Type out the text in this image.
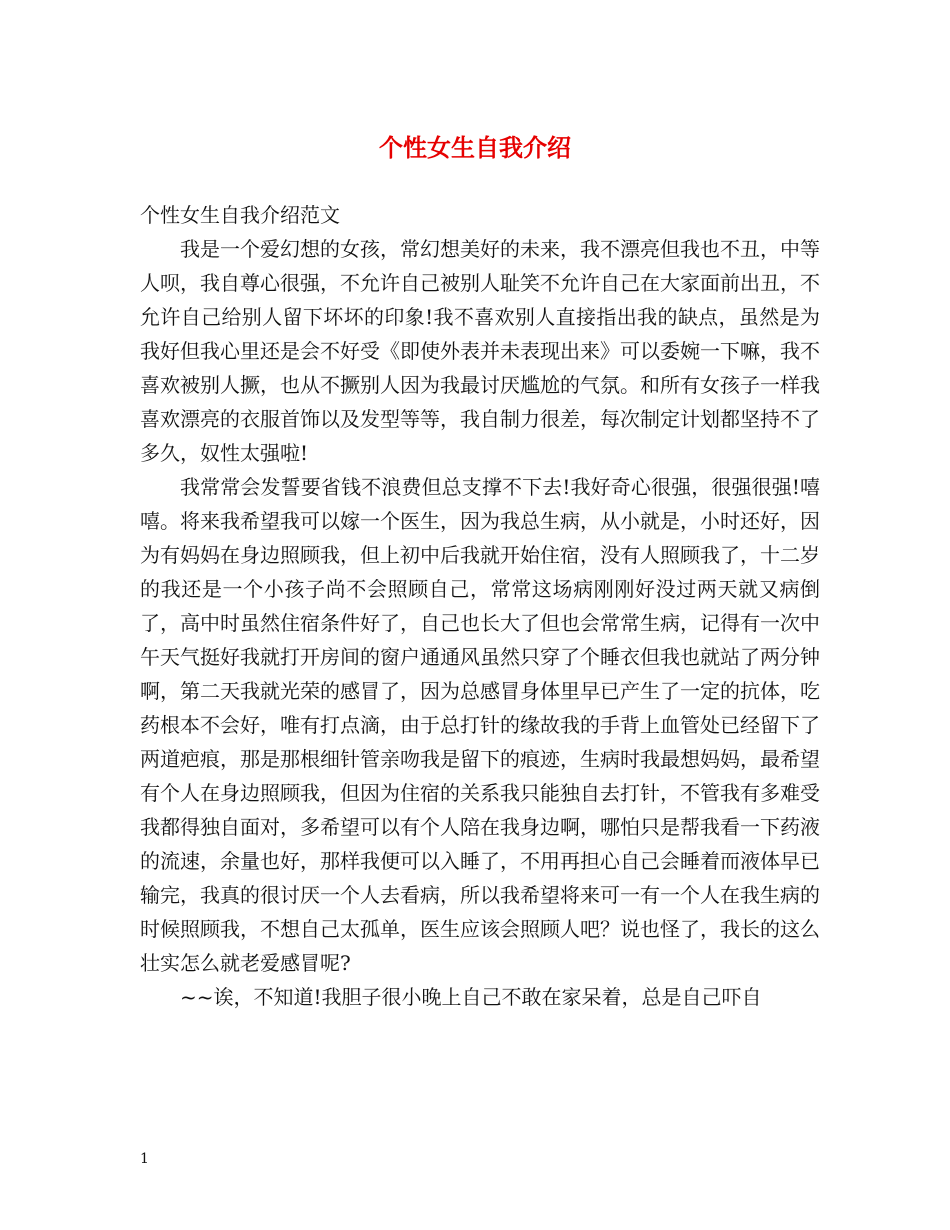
个性女生自我介绍

个性女生自我介绍范文

我是一个爱幻想的女孩，常幻想美好的未来，我不漂亮但我也不丑，中等人呗，我自尊心很强，不允许自己被别人耻笑不允许自己在大家面前出丑，不允许自己给别人留下坏坏的印象!我不喜欢别人直接指出我的缺点，虽然是为我好但我心里还是会不好受《即使外表并未表现出来》可以委婉一下嘛，我不喜欢被别人撅，也从不撅别人因为我最讨厌尴尬的气氛。和所有女孩子一样我喜欢漂亮的衣服首饰以及发型等等，我自制力很差，每次制定计划都坚持不了多久，奴性太强啦!

我常常会发誓要省钱不浪费但总支撑不下去!我好奇心很强，很强很强!嘻嘻。将来我希望我可以嫁一个医生，因为我总生病，从小就是，小时还好，因为有妈妈在身边照顾我，但上初中后我就开始住宿，没有人照顾我了，十二岁的我还是一个小孩子尚不会照顾自己，常常这场病刚刚好没过两天就又病倒了，高中时虽然住宿条件好了，自己也长大了但也会常常生病，记得有一次中午天气挺好我就打开房间的窗户通通风虽然只穿了个睡衣但我也就站了两分钟啊，第二天我就光荣的感冒了，因为总感冒身体里早已产生了一定的抗体，吃药根本不会好，唯有打点滴，由于总打针的缘故我的手背上血管处已经留下了两道疤痕，那是那根细针管亲吻我是留下的痕迹，生病时我最想妈妈，最希望有个人在身边照顾我，但因为住宿的关系我只能独自去打针，不管我有多难受我都得独自面对，多希望可以有个人陪在我身边啊，哪怕只是帮我看一下药液的流速，余量也好，那样我便可以入睡了，不用再担心自己会睡着而液体早已输完，我真的很讨厌一个人去看病，所以我希望将来可一有一个人在我生病的时候照顾我，不想自己太孤单，医生应该会照顾人吧？说也怪了，我长的这么壮实怎么就老爱感冒呢?

~~诶，不知道!我胆子很小晚上自己不敢在家呆着，总是自己吓自

1
